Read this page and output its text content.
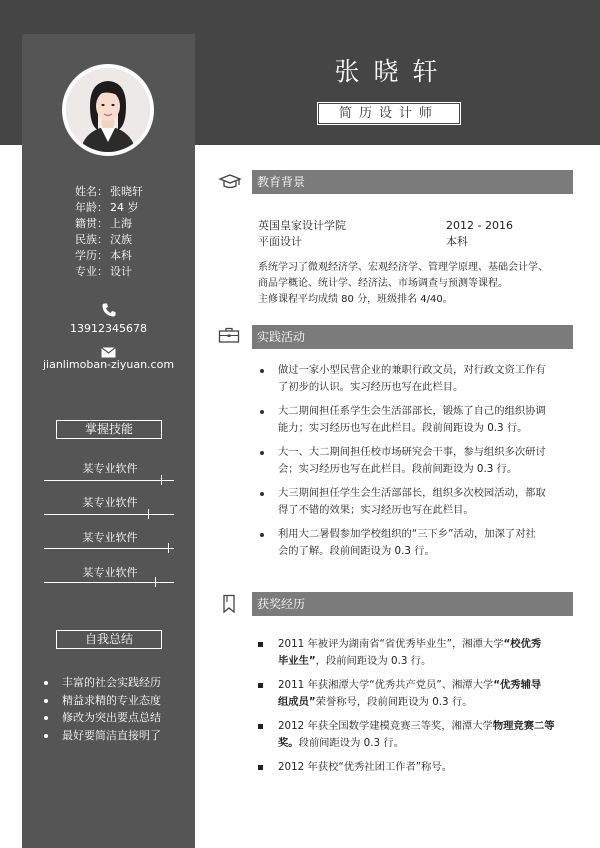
姓名： 张晓轩
年龄： 24 岁
籍贯： 上海
民族： 汉族
学历： 本科
专业： 设计
13912345678
jianlimoban-ziyuan.com
掌握技能
某专业软件
某专业软件
某专业软件
某专业软件
自我总结
丰富的社会实践经历
精益求精的专业态度
修改为突出要点总结
最好要简洁直接明了
张晓轩
简历设计师
教育背景
英国皇家设计学院	2012 - 2016
平面设计	本科
系统学习了微观经济学、宏观经济学、管理学原理、基础会计学、
商品学概论、统计学、经济法、市场调查与预测等课程。
主修课程平均成绩 80 分，班级排名 4/40。
实践活动
做过一家小型民营企业的兼职行政文员，对行政文资工作有
了初步的认识。实习经历也写在此栏目。
大二期间担任系学生会生活部部长，锻炼了自己的组织协调
能力；实习经历也写在此栏目。段前间距设为 0.3 行。
大一、大二期间担任校市场研究会干事，参与组织多次研讨
会；实习经历也写在此栏目。段前间距设为 0.3 行。
大三期间担任学生会生活部部长，组织多次校园活动，都取
得了不错的效果；实习经历也写在此栏目。
利用大二暑假参加学校组织的“三下乡”活动，加深了对社
会的了解。段前间距设为 0.3 行。
获奖经历
2011 年被评为湖南省“省优秀毕业生”，湘潭大学“校优秀
毕业生”，段前间距设为 0.3 行。
2011 年获湘潭大学“优秀共产党员”、湘潭大学“优秀辅导
组成员”荣誉称号，段前间距设为 0.3 行。
2012 年获全国数学建模竞赛三等奖，湘潭大学物理竞赛二等
奖。段前间距设为 0.3 行。
2012 年获校“优秀社团工作者”称号。
